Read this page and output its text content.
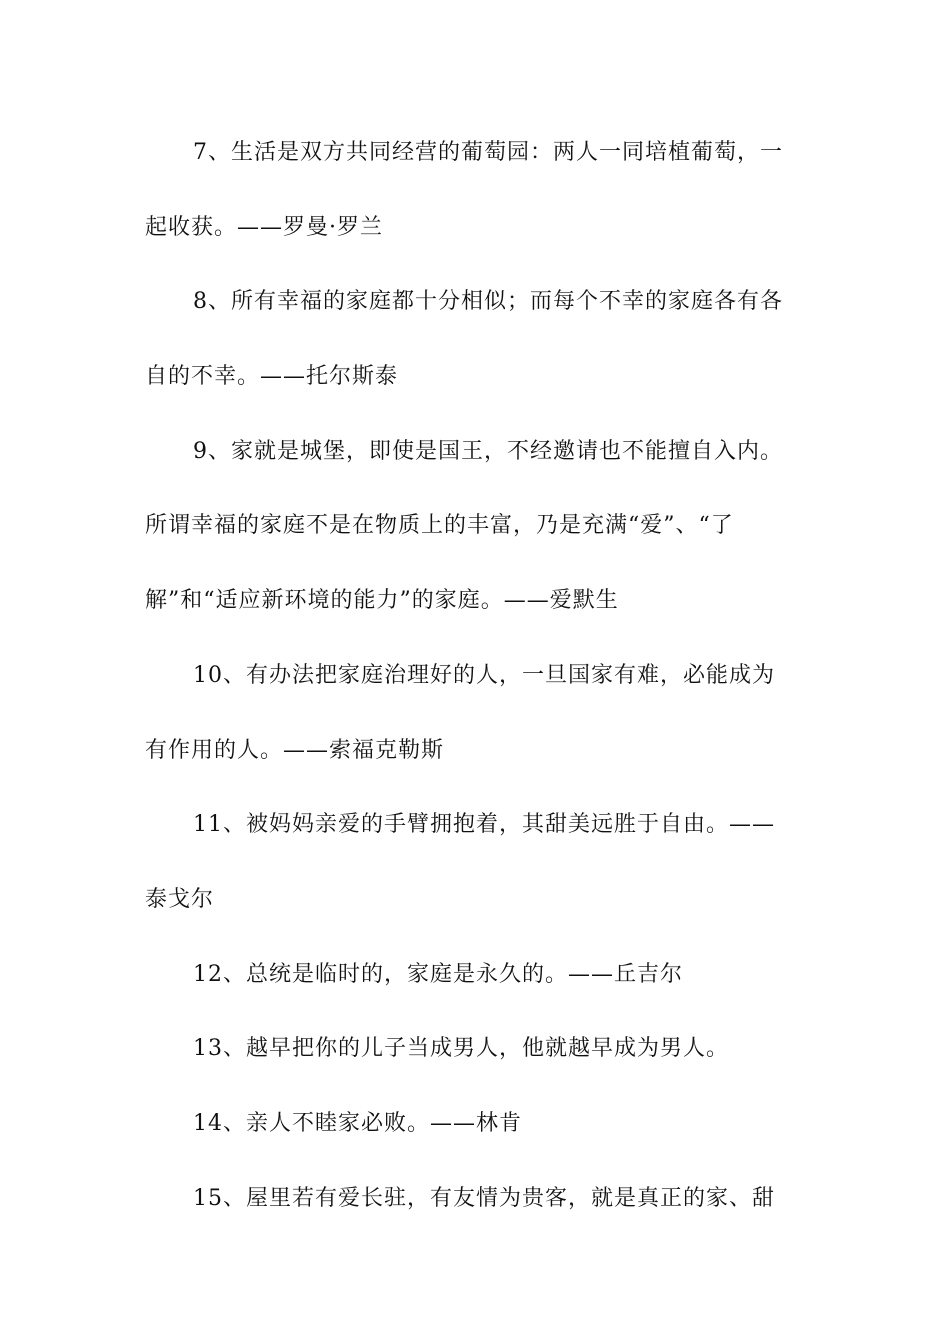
7、生活是双方共同经营的葡萄园：两人一同培植葡萄，一
起收获。——罗曼·罗兰
8、所有幸福的家庭都十分相似；而每个不幸的家庭各有各
自的不幸。——托尔斯泰
9、家就是城堡，即使是国王，不经邀请也不能擅自入内。
所谓幸福的家庭不是在物质上的丰富，乃是充满“爱”、“了
解”和“适应新环境的能力”的家庭。——爱默生
10、有办法把家庭治理好的人，一旦国家有难，必能成为
有作用的人。——索福克勒斯
11、被妈妈亲爱的手臂拥抱着，其甜美远胜于自由。——
泰戈尔
12、总统是临时的，家庭是永久的。——丘吉尔
13、越早把你的儿子当成男人，他就越早成为男人。
14、亲人不睦家必败。——林肯
15、屋里若有爱长驻，有友情为贵客，就是真正的家、甜
